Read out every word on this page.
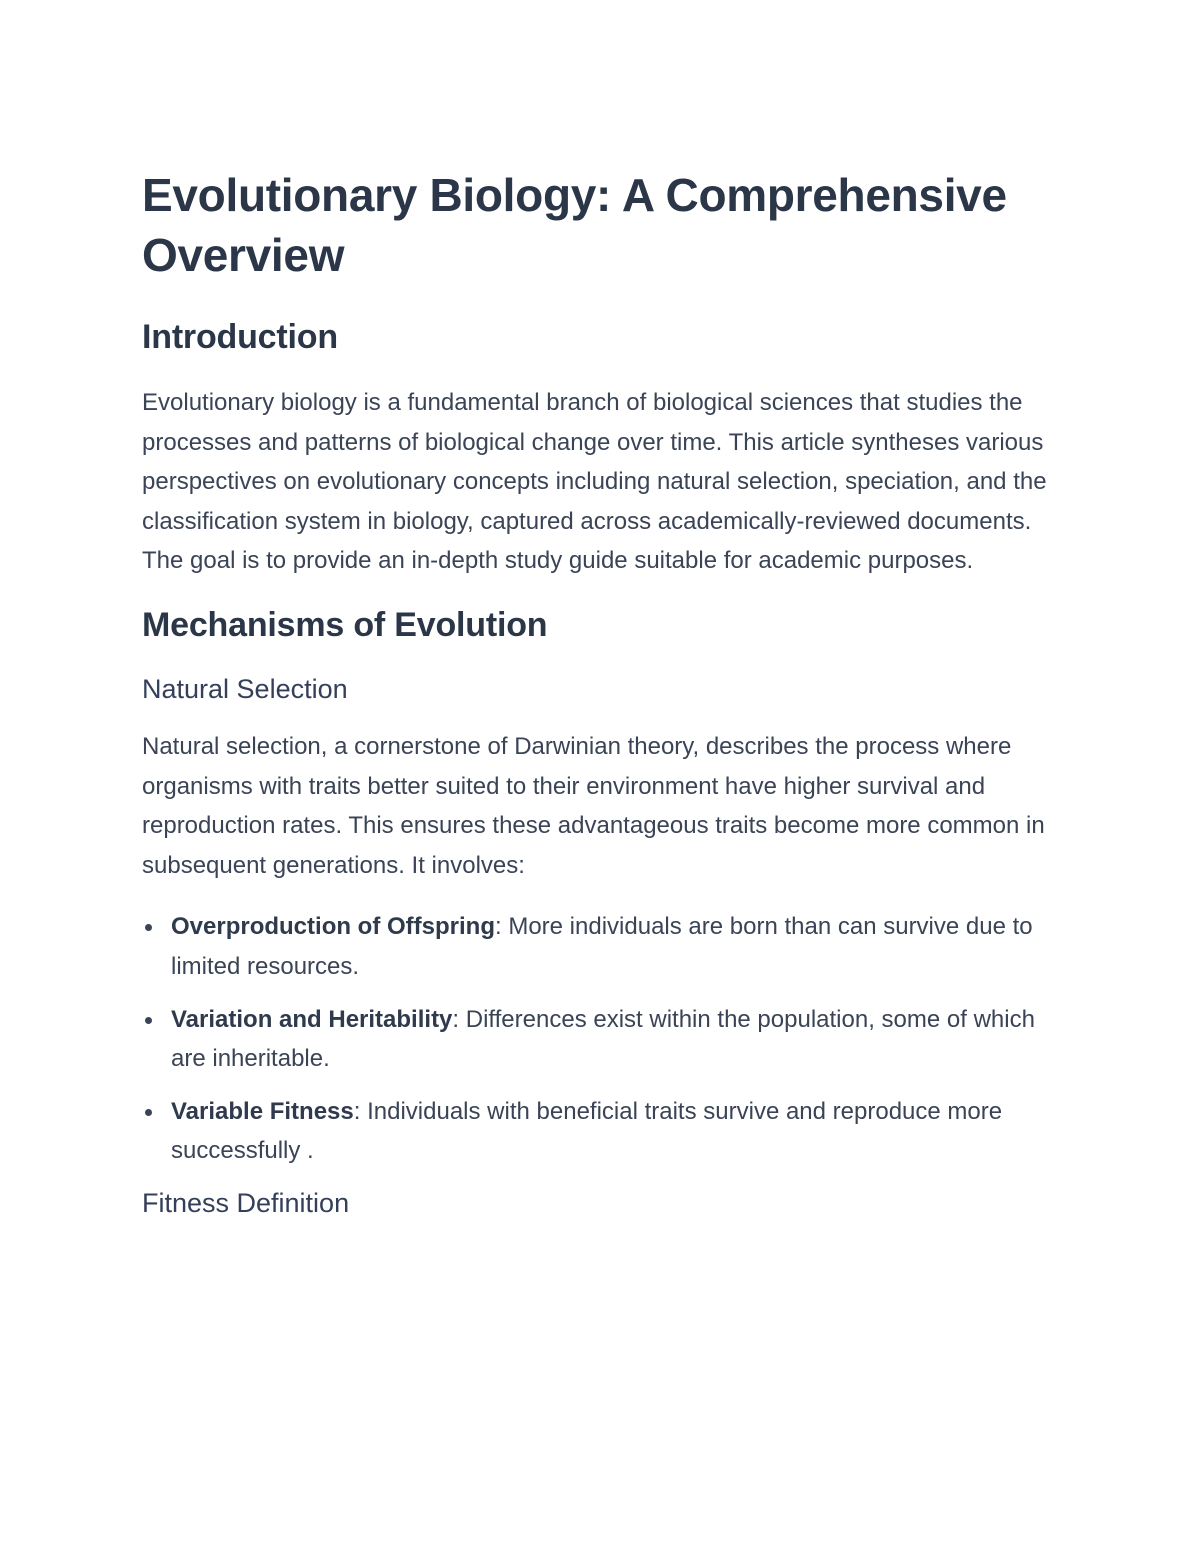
Evolutionary Biology: A Comprehensive Overview
Introduction

Evolutionary biology is a fundamental branch of biological sciences that studies the processes and patterns of biological change over time. This article syntheses various perspectives on evolutionary concepts including natural selection, speciation, and the classification system in biology, captured across academically-reviewed documents. The goal is to provide an in-depth study guide suitable for academic purposes.

Mechanisms of Evolution
Natural Selection

Natural selection, a cornerstone of Darwinian theory, describes the process where organisms with traits better suited to their environment have higher survival and reproduction rates. This ensures these advantageous traits become more common in subsequent generations. It involves:

Overproduction of Offspring: More individuals are born than can survive due to limited resources.
Variation and Heritability: Differences exist within the population, some of which are inheritable.
Variable Fitness: Individuals with beneficial traits survive and reproduce more successfully .
Fitness Definition
